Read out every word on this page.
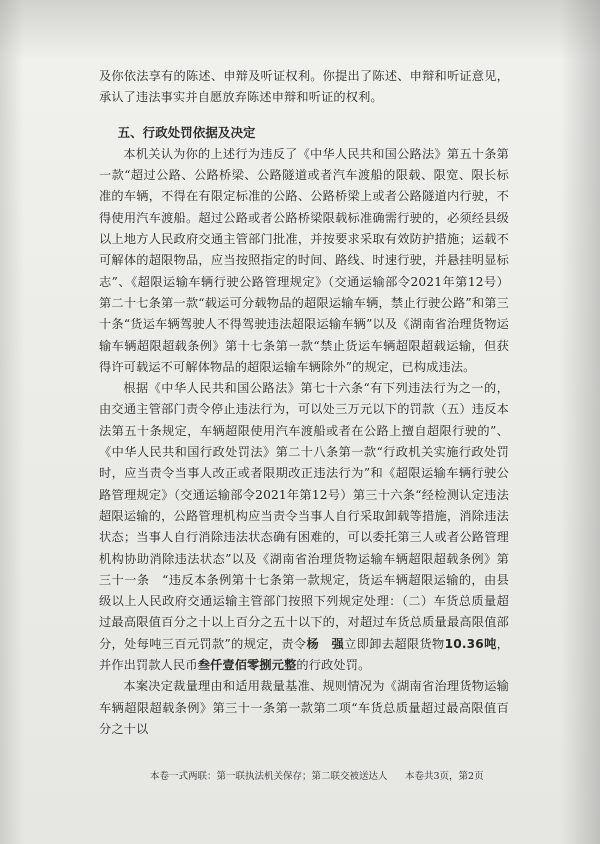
及你依法享有的陈述、申辩及听证权利。你提出了陈述、申辩和听证意见，承认了违法事实并自愿放弃陈述申辩和听证的权利。

五、行政处罚依据及决定

本机关认为你的上述行为违反了《中华人民共和国公路法》第五十条第一款“超过公路、公路桥梁、公路隧道或者汽车渡船的限载、限宽、限长标准的车辆，不得在有限定标准的公路、公路桥梁上或者公路隧道内行驶，不得使用汽车渡船。超过公路或者公路桥梁限载标准确需行驶的，必须经县级以上地方人民政府交通主管部门批准，并按要求采取有效防护措施；运载不可解体的超限物品，应当按照指定的时间、路线、时速行驶，并悬挂明显标志”、《超限运输车辆行驶公路管理规定》（交通运输部令2021年第12号）第二十七条第一款“载运可分载物品的超限运输车辆，禁止行驶公路”和第三十条“货运车辆驾驶人不得驾驶违法超限运输车辆”以及《湖南省治理货物运输车辆超限超载条例》第十七条第一款“禁止货运车辆超限超载运输，但获得许可载运不可解体物品的超限运输车辆除外”的规定，已构成违法。

根据《中华人民共和国公路法》第七十六条“有下列违法行为之一的，由交通主管部门责令停止违法行为，可以处三万元以下的罚款（五）违反本法第五十条规定，车辆超限使用汽车渡船或者在公路上擅自超限行驶的”、《中华人民共和国行政处罚法》第二十八条第一款“行政机关实施行政处罚时，应当责令当事人改正或者限期改正违法行为”和《超限运输车辆行驶公路管理规定》（交通运输部令2021年第12号）第三十六条“经检测认定违法超限运输的，公路管理机构应当责令当事人自行采取卸载等措施，消除违法状态；当事人自行消除违法状态确有困难的，可以委托第三人或者公路管理机构协助消除违法状态”以及《湖南省治理货物运输车辆超限超载条例》第三十一条　“违反本条例第十七条第一款规定，货运车辆超限运输的，由县级以上人民政府交通运输主管部门按照下列规定处理：（二）车货总质量超过最高限值百分之十以上百分之五十以下的，对超过车货总质量最高限值部分，处每吨三百元罚款”的规定，责令杨　强立即卸去超限货物10.36吨，并作出罚款人民币叁仟壹佰零捌元整的行政处罚。

本案决定裁量理由和适用裁量基准、规则情况为《湖南省治理货物运输车辆超限超载条例》第三十一条第一款第二项“车货总质量超过最高限值百分之十以

本卷一式两联：第一联执法机关保存；第二联交被送达人 本卷共3页，第2页
